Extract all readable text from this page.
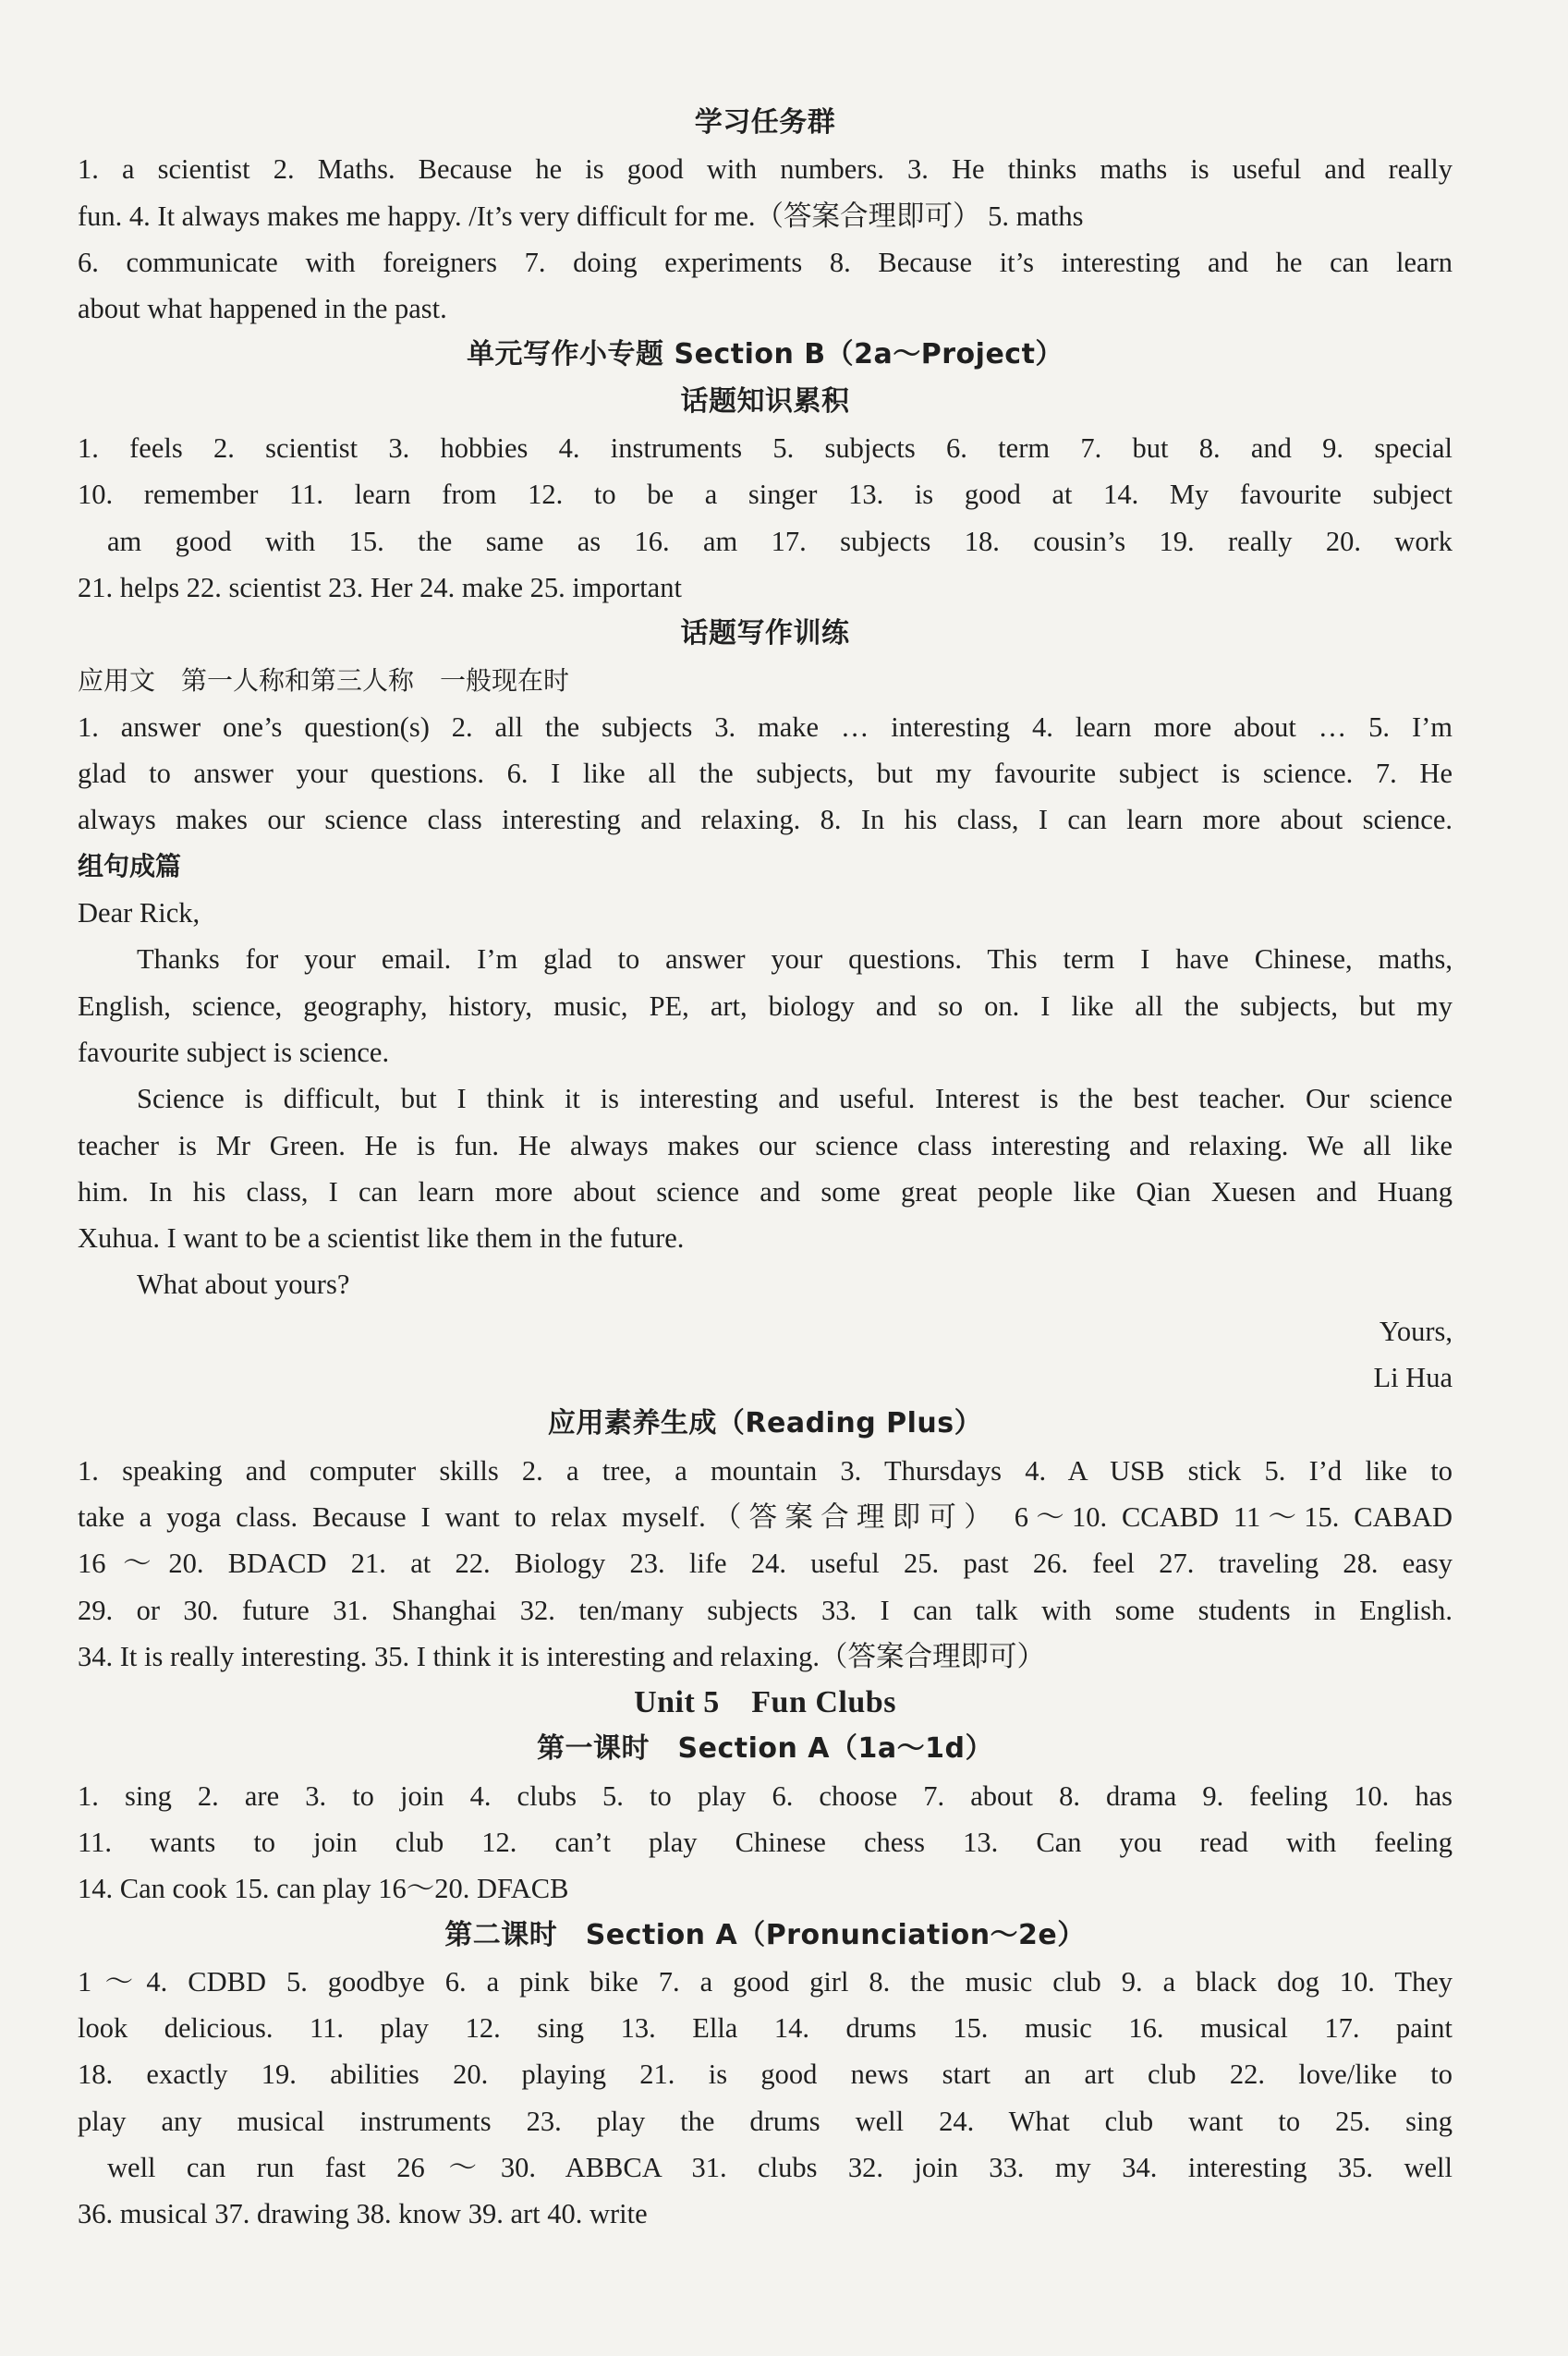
学习任务群

1. a scientist 2. Maths. Because he is good with numbers. 3. He thinks maths is useful and really

fun. 4. It always makes me happy. /It’s very difficult for me.（答案合理即可） 5. maths

6. communicate with foreigners 7. doing experiments 8. Because it’s interesting and he can learn

about what happened in the past.

单元写作小专题 Section B（2a～Project）

话题知识累积

1. feels 2. scientist 3. hobbies 4. instruments 5. subjects 6. term 7. but 8. and 9. special

10. remember 11. learn from 12. to be a singer 13. is good at 14. My favourite subject

am good with 15. the same as 16. am 17. subjects 18. cousin’s 19. really 20. work

21. helps 22. scientist 23. Her 24. make 25. important

话题写作训练

应用文　第一人称和第三人称　一般现在时

1. answer one’s question(s) 2. all the subjects 3. make … interesting 4. learn more about … 5. I’m

glad to answer your questions. 6. I like all the subjects, but my favourite subject is science. 7. He

always makes our science class interesting and relaxing. 8. In his class, I can learn more about science.

组句成篇

Dear Rick,

Thanks for your email. I’m glad to answer your questions. This term I have Chinese, maths,

English, science, geography, history, music, PE, art, biology and so on. I like all the subjects, but my

favourite subject is science.

Science is difficult, but I think it is interesting and useful. Interest is the best teacher. Our science

teacher is Mr Green. He is fun. He always makes our science class interesting and relaxing. We all like

him. In his class, I can learn more about science and some great people like Qian Xuesen and Huang

Xuhua. I want to be a scientist like them in the future.

What about yours?

Yours,

Li Hua

应用素养生成（Reading Plus）

1. speaking and computer skills 2. a tree, a mountain 3. Thursdays 4. A USB stick 5. I’d like to

take a yoga class. Because I want to relax myself.（答案合理即可） 6～10. CCABD 11～15. CABAD

16～20. BDACD 21. at 22. Biology 23. life 24. useful 25. past 26. feel 27. traveling 28. easy

29. or 30. future 31. Shanghai 32. ten/many subjects 33. I can talk with some students in English.

34. It is really interesting. 35. I think it is interesting and relaxing.（答案合理即可）

Unit 5　Fun Clubs

第一课时　Section A（1a～1d）

1. sing 2. are 3. to join 4. clubs 5. to play 6. choose 7. about 8. drama 9. feeling 10. has

11. wants to join club 12. can’t play Chinese chess 13. Can you read with feeling

14. Can cook 15. can play 16～20. DFACB

第二课时　Section A（Pronunciation～2e）

1～4. CDBD 5. goodbye 6. a pink bike 7. a good girl 8. the music club 9. a black dog 10. They

look delicious. 11. play 12. sing 13. Ella 14. drums 15. music 16. musical 17. paint

18. exactly 19. abilities 20. playing 21. is good news start an art club 22. love/like to

play any musical instruments 23. play the drums well 24. What club want to 25. sing

well can run fast 26～30. ABBCA 31. clubs 32. join 33. my 34. interesting 35. well

36. musical 37. drawing 38. know 39. art 40. write
